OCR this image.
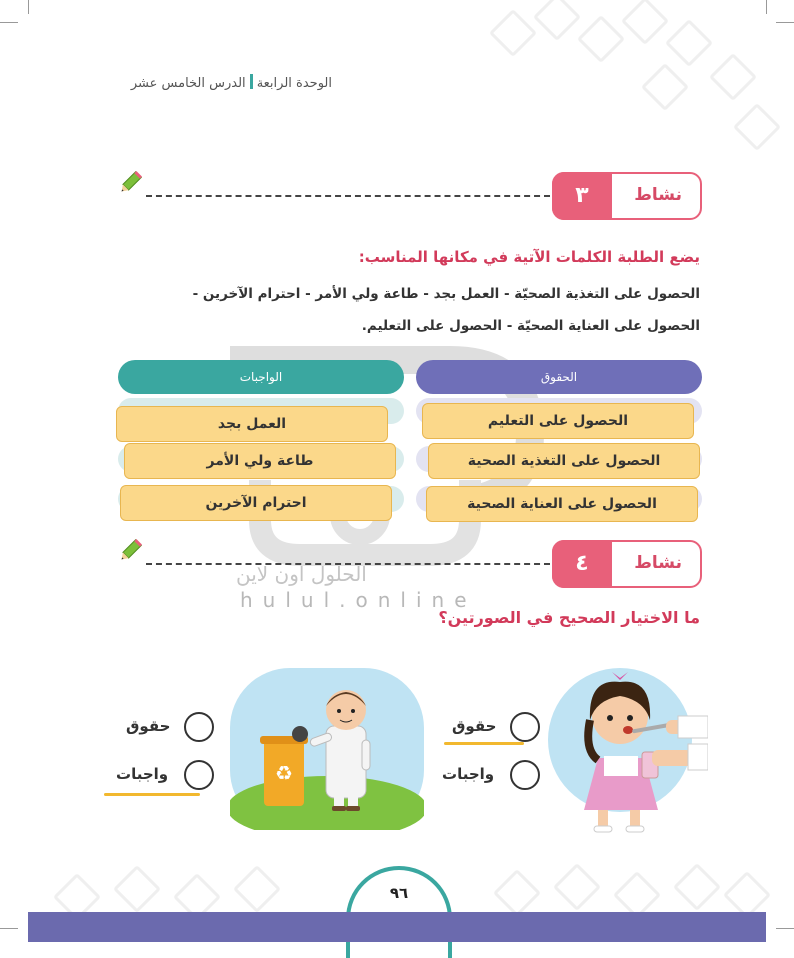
الوحدة الرابعةالدرس الخامس عشر
نشاط
٣
يضع الطلبة الكلمات الآتية في مكانها المناسب:
الحصول على التغذية الصحيّة - العمل بجد - طاعة ولي الأمر - احترام الآخرين -
الحصول على العناية الصحيّة - الحصول على التعليم.
الحقوق
الواجبات
الحصول على التعليم
الحصول على التغذية الصحية
الحصول على العناية الصحية
العمل بجد
طاعة ولي الأمر
احترام الآخرين
نشاط
٤
الحلول اون لاين
hulul.online
ما الاختيار الصحيح في الصورتين؟
♻
حقوق
واجبات
حقوق
واجبات
٩٦
